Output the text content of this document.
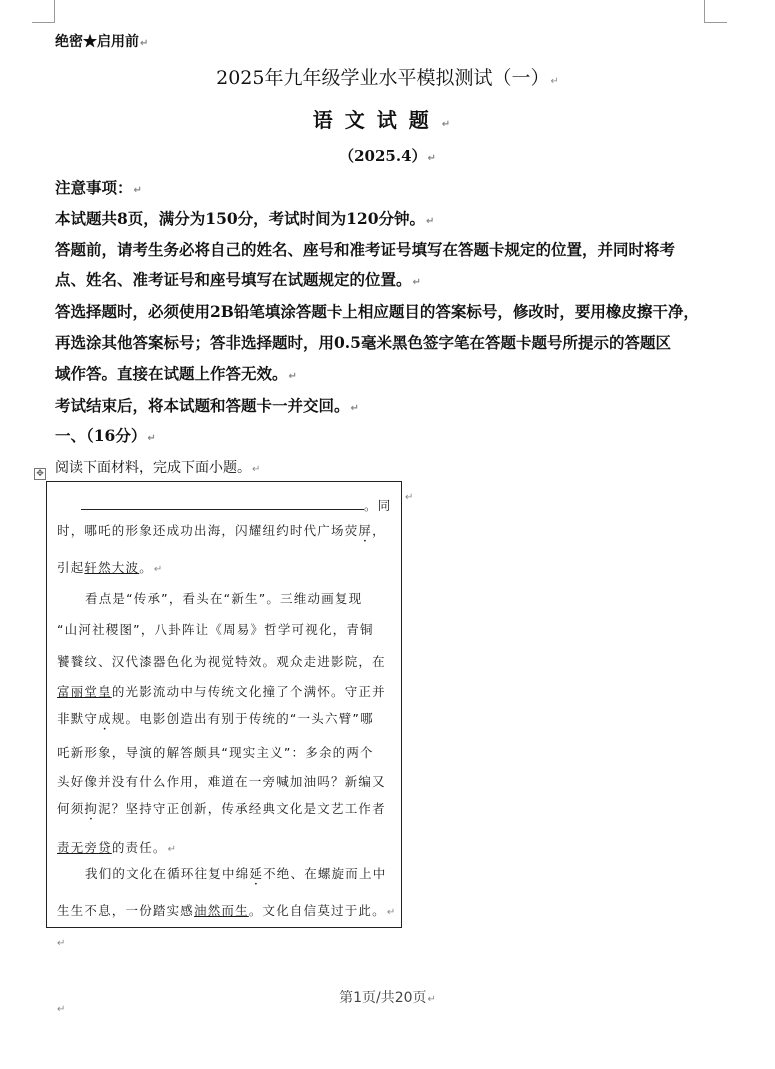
绝密★启用前↵
2025年九年级学业水平模拟测试（一）↵
语文试题↵
（2025.4）↵
注意事项：↵
本试题共8页，满分为150分，考试时间为120分钟。↵
答题前，请考生务必将自己的姓名、座号和准考证号填写在答题卡规定的位置，并同时将考
点、姓名、准考证号和座号填写在试题规定的位置。↵
答选择题时，必须使用2B铅笔填涂答题卡上相应题目的答案标号，修改时，要用橡皮擦干净，
再选涂其他答案标号；答非选择题时，用0.5毫米黑色签字笔在答题卡题号所提示的答题区
域作答。直接在试题上作答无效。↵
考试结束后，将本试题和答题卡一并交回。↵
一、（16分）↵
阅读下面材料，完成下面小题。↵
✥
。同
时，哪吒的形象还成功出海，闪耀纽约时代广场荧屏，
引起轩然大波。↵
看点是“传承”，看头在“新生”。三维动画复现
“山河社稷图”，八卦阵让《周易》哲学可视化，青铜
饕餮纹、汉代漆器色化为视觉特效。观众走进影院，在
富丽堂皇的光影流动中与传统文化撞了个满怀。守正并
非默守成规。电影创造出有别于传统的“一头六臂”哪
吒新形象，导演的解答颇具“现实主义”：多余的两个
头好像并没有什么作用，难道在一旁喊加油吗？新编又
何须拘泥？坚持守正创新，传承经典文化是文艺工作者
责无旁贷的责任。↵
我们的文化在循环往复中绵延不绝、在螺旋而上中
生生不息，一份踏实感油然而生。文化自信莫过于此。↵
↵
↵
第1页/共20页↵
↵
